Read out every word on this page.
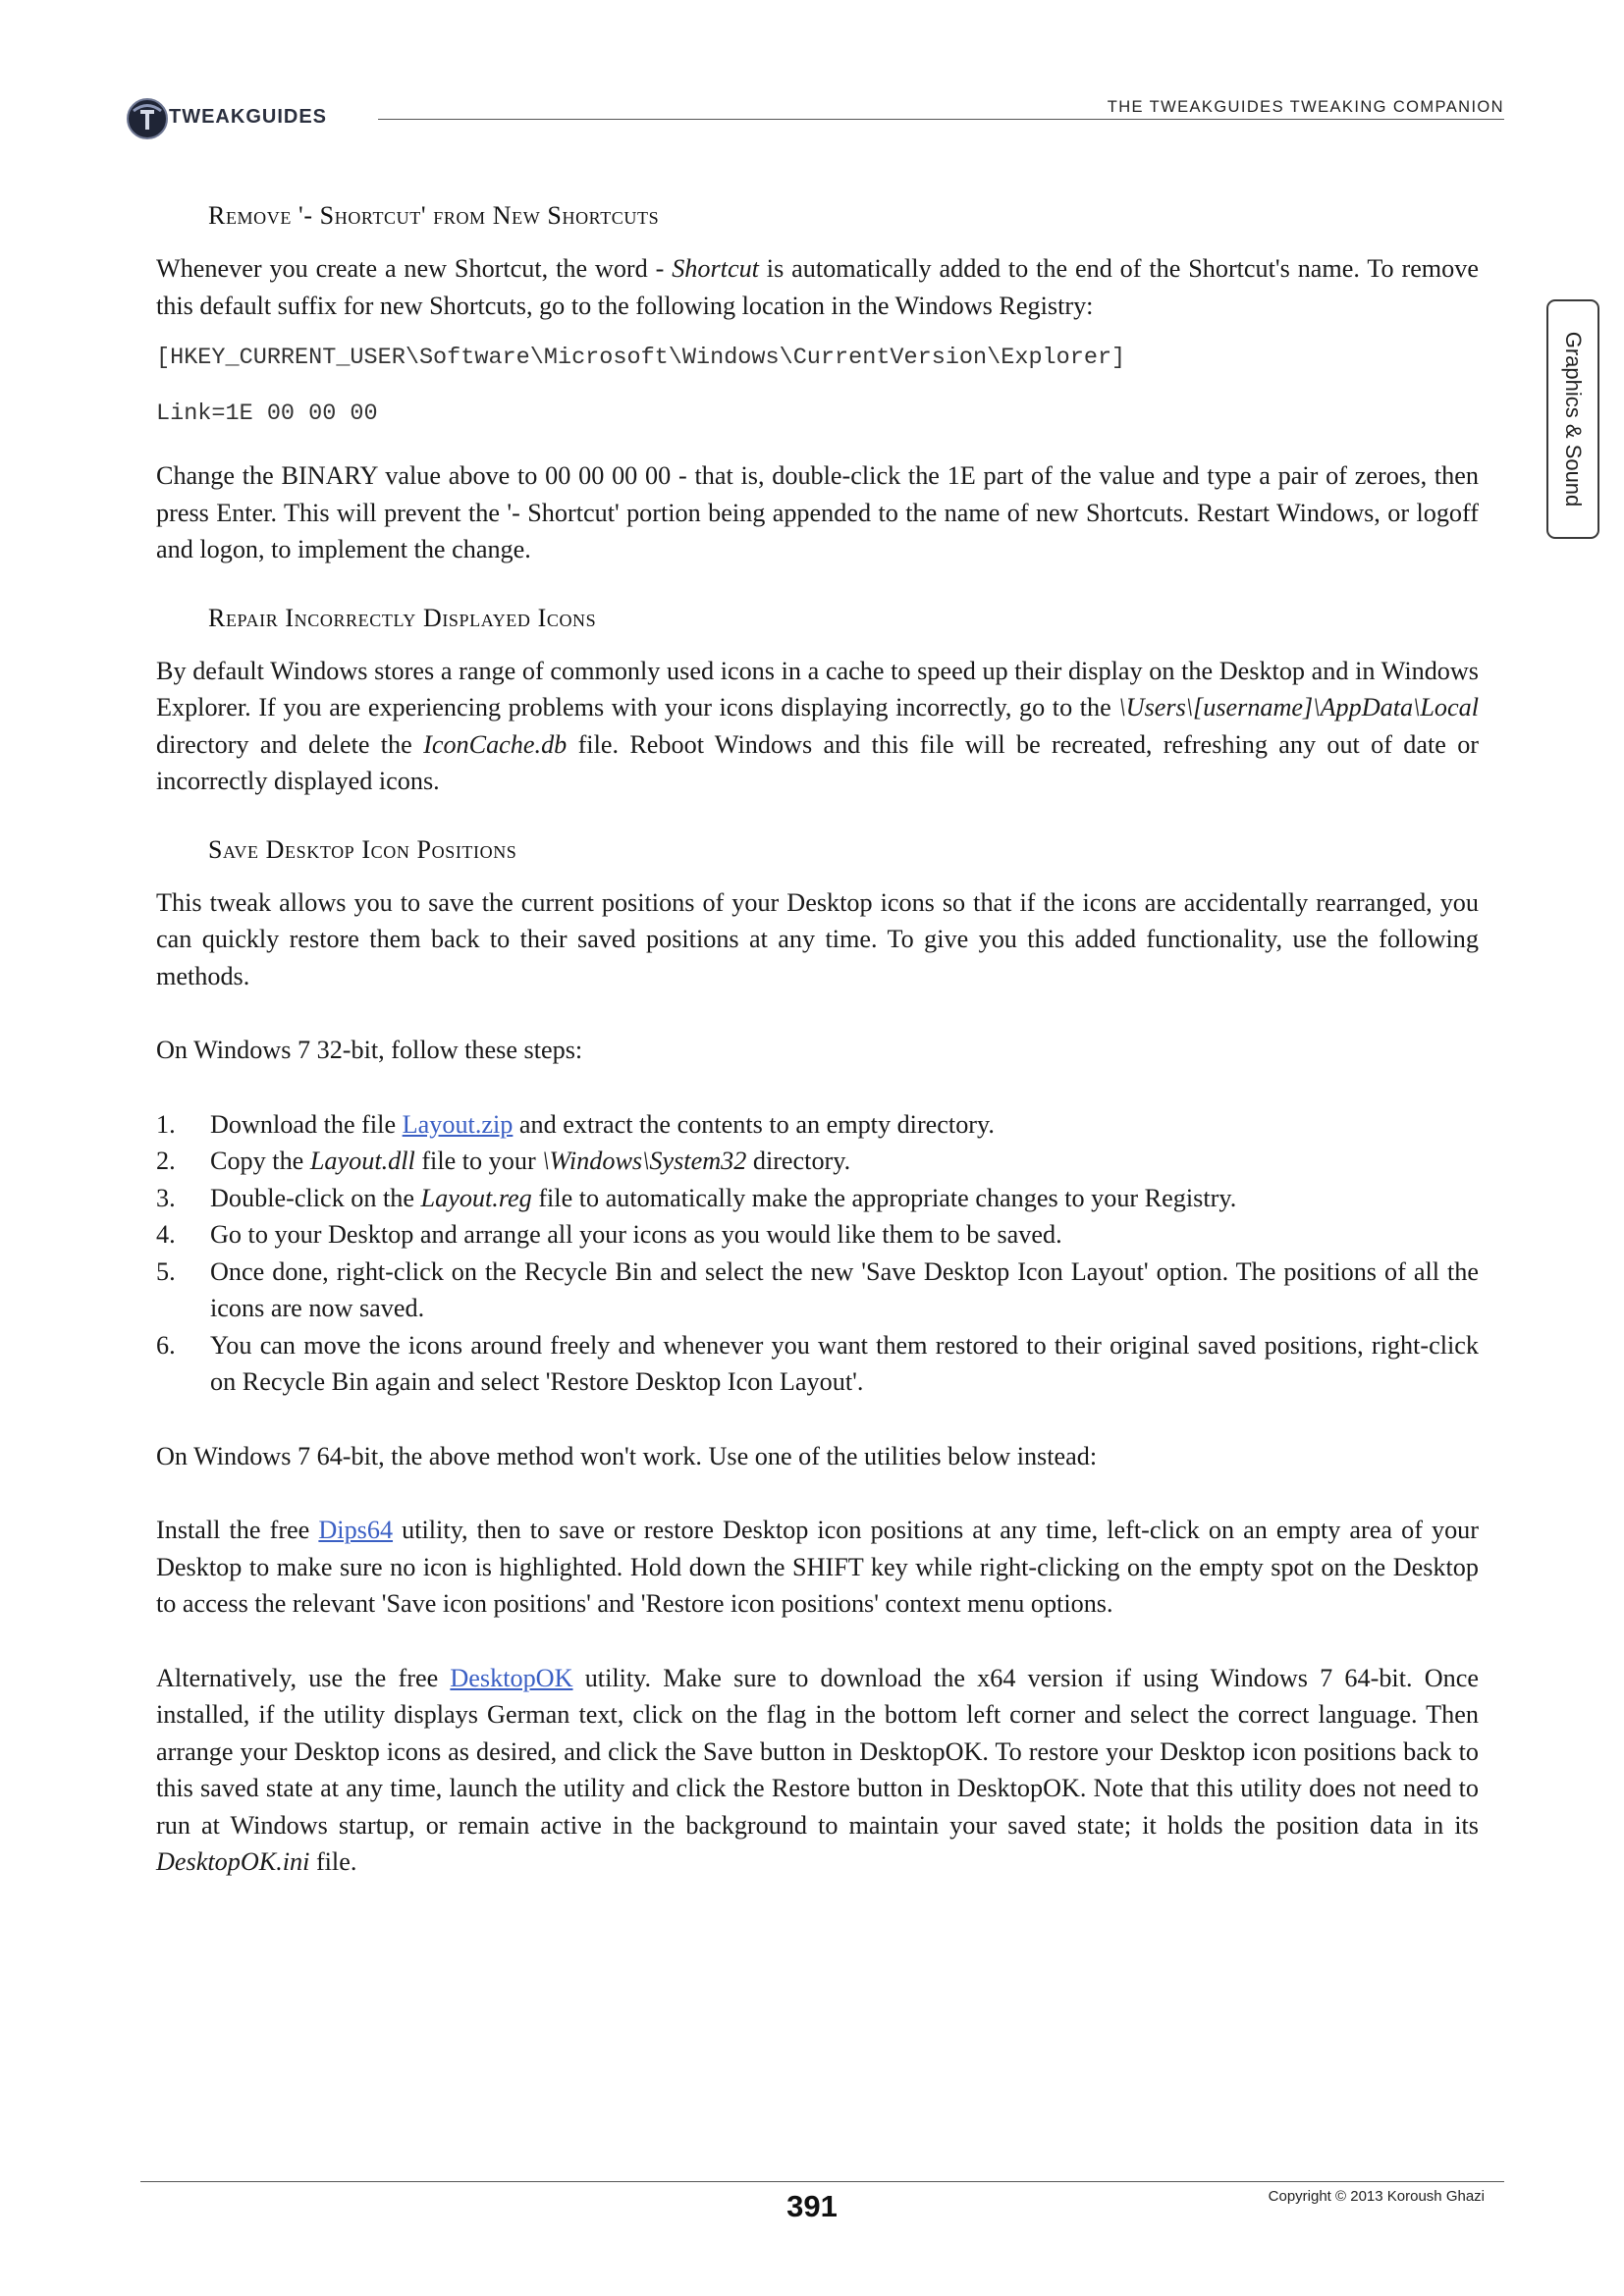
TWEAKGUIDES	THE TWEAKGUIDES TWEAKING COMPANION
Graphics & Sound
Remove '- Shortcut' from New Shortcuts

Whenever you create a new Shortcut, the word - Shortcut is automatically added to the end of the Shortcut's name. To remove this default suffix for new Shortcuts, go to the following location in the Windows Registry:

[HKEY_CURRENT_USER\Software\Microsoft\Windows\CurrentVersion\Explorer]

Link=1E 00 00 00

Change the BINARY value above to 00 00 00 00 - that is, double-click the 1E part of the value and type a pair of zeroes, then press Enter. This will prevent the '- Shortcut' portion being appended to the name of new Shortcuts. Restart Windows, or logoff and logon, to implement the change.

Repair Incorrectly Displayed Icons

By default Windows stores a range of commonly used icons in a cache to speed up their display on the Desktop and in Windows Explorer. If you are experiencing problems with your icons displaying incorrectly, go to the \Users\[username]\AppData\Local directory and delete the IconCache.db file. Reboot Windows and this file will be recreated, refreshing any out of date or incorrectly displayed icons.

Save Desktop Icon Positions

This tweak allows you to save the current positions of your Desktop icons so that if the icons are accidentally rearranged, you can quickly restore them back to their saved positions at any time. To give you this added functionality, use the following methods.

On Windows 7 32-bit, follow these steps:

1. Download the file Layout.zip and extract the contents to an empty directory.
2. Copy the Layout.dll file to your \Windows\System32 directory.
3. Double-click on the Layout.reg file to automatically make the appropriate changes to your Registry.
4. Go to your Desktop and arrange all your icons as you would like them to be saved.
5. Once done, right-click on the Recycle Bin and select the new 'Save Desktop Icon Layout' option. The positions of all the icons are now saved.
6. You can move the icons around freely and whenever you want them restored to their original saved positions, right-click on Recycle Bin again and select 'Restore Desktop Icon Layout'.

On Windows 7 64-bit, the above method won't work. Use one of the utilities below instead:

Install the free Dips64 utility, then to save or restore Desktop icon positions at any time, left-click on an empty area of your Desktop to make sure no icon is highlighted. Hold down the SHIFT key while right-clicking on the empty spot on the Desktop to access the relevant 'Save icon positions' and 'Restore icon positions' context menu options.

Alternatively, use the free DesktopOK utility. Make sure to download the x64 version if using Windows 7 64-bit. Once installed, if the utility displays German text, click on the flag in the bottom left corner and select the correct language. Then arrange your Desktop icons as desired, and click the Save button in DesktopOK. To restore your Desktop icon positions back to this saved state at any time, launch the utility and click the Restore button in DesktopOK. Note that this utility does not need to run at Windows startup, or remain active in the background to maintain your saved state; it holds the position data in its DesktopOK.ini file.

Copyright © 2013 Koroush Ghazi
391
